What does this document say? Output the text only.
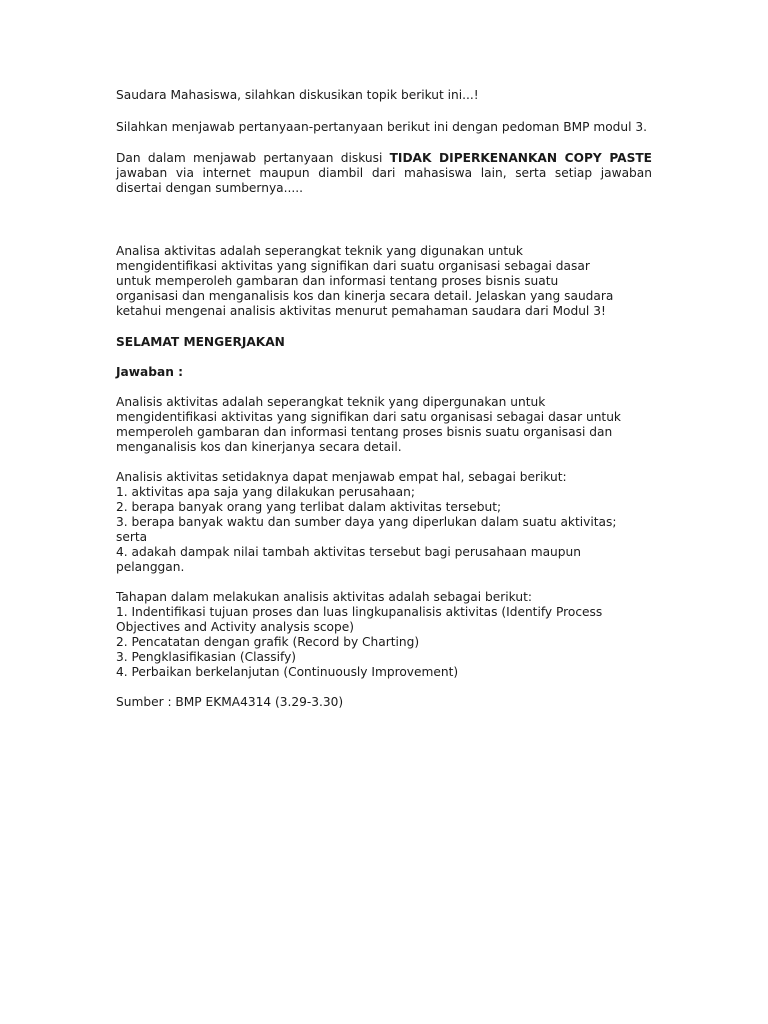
Saudara Mahasiswa, silahkan diskusikan topik berikut ini...!

Silahkan menjawab pertanyaan-pertanyaan berikut ini dengan pedoman BMP modul 3.

Dan dalam menjawab pertanyaan diskusi TIDAK DIPERKENANKAN COPY PASTE jawaban via internet maupun diambil dari mahasiswa lain, serta setiap jawaban disertai dengan sumbernya.....

Analisa aktivitas adalah seperangkat teknik yang digunakan untuk
mengidentifikasi aktivitas yang signifikan dari suatu organisasi sebagai dasar
untuk memperoleh gambaran dan informasi tentang proses bisnis suatu
organisasi dan menganalisis kos dan kinerja secara detail. Jelaskan yang saudara
ketahui mengenai analisis aktivitas menurut pemahaman saudara dari Modul 3!

SELAMAT MENGERJAKAN

Jawaban :

Analisis aktivitas adalah seperangkat teknik yang dipergunakan untuk
mengidentifikasi aktivitas yang signifikan dari satu organisasi sebagai dasar untuk
memperoleh gambaran dan informasi tentang proses bisnis suatu organisasi dan
menganalisis kos dan kinerjanya secara detail.
Analisis aktivitas setidaknya dapat menjawab empat hal, sebagai berikut:
1. aktivitas apa saja yang dilakukan perusahaan;
2. berapa banyak orang yang terlibat dalam aktivitas tersebut;
3. berapa banyak waktu dan sumber daya yang diperlukan dalam suatu aktivitas;
serta
4. adakah dampak nilai tambah aktivitas tersebut bagi perusahaan maupun
pelanggan.
Tahapan dalam melakukan analisis aktivitas adalah sebagai berikut:
1. Indentifikasi tujuan proses dan luas lingkupanalisis aktivitas (Identify Process
Objectives and Activity analysis scope)
2. Pencatatan dengan grafik (Record by Charting)
3. Pengklasifikasian (Classify)
4. Perbaikan berkelanjutan (Continuously Improvement)

Sumber : BMP EKMA4314 (3.29-3.30)
